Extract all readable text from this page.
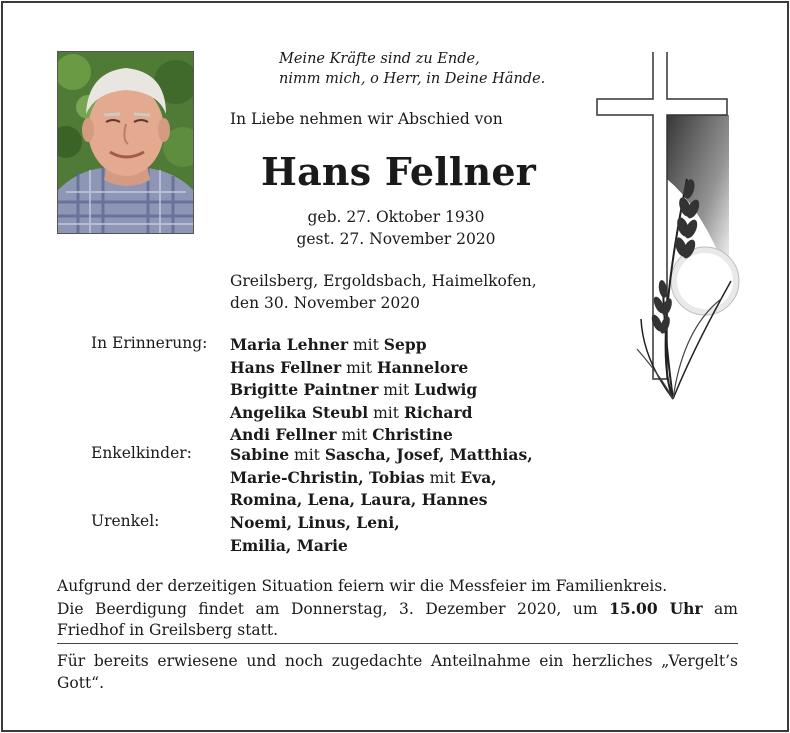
Meine Kräfte sind zu Ende,
nimm mich, o Herr, in Deine Hände.
In Liebe nehmen wir Abschied von
Hans Fellner
geb. 27. Oktober 1930
gest. 27. November 2020
Greilsberg, Ergoldsbach, Haimelkofen,
den 30. November 2020
In Erinnerung: Maria Lehner mit Sepp
Hans Fellner mit Hannelore
Brigitte Paintner mit Ludwig
Angelika Steubl mit Richard
Andi Fellner mit Christine
Enkelkinder: Sabine mit Sascha, Josef, Matthias,
Marie-Christin, Tobias mit Eva,
Romina, Lena, Laura, Hannes
Urenkel:	Noemi, Linus, Leni,
Emilia, Marie
Aufgrund der derzeitigen Situation feiern wir die Messfeier im Familienkreis.
Die Beerdigung findet am Donnerstag, 3. Dezember 2020, um 15.00 Uhr am
Friedhof in Greilsberg statt.
Für bereits erwiesene und noch zugedachte Anteilnahme ein herzliches „Vergelt’s
Gott“.
